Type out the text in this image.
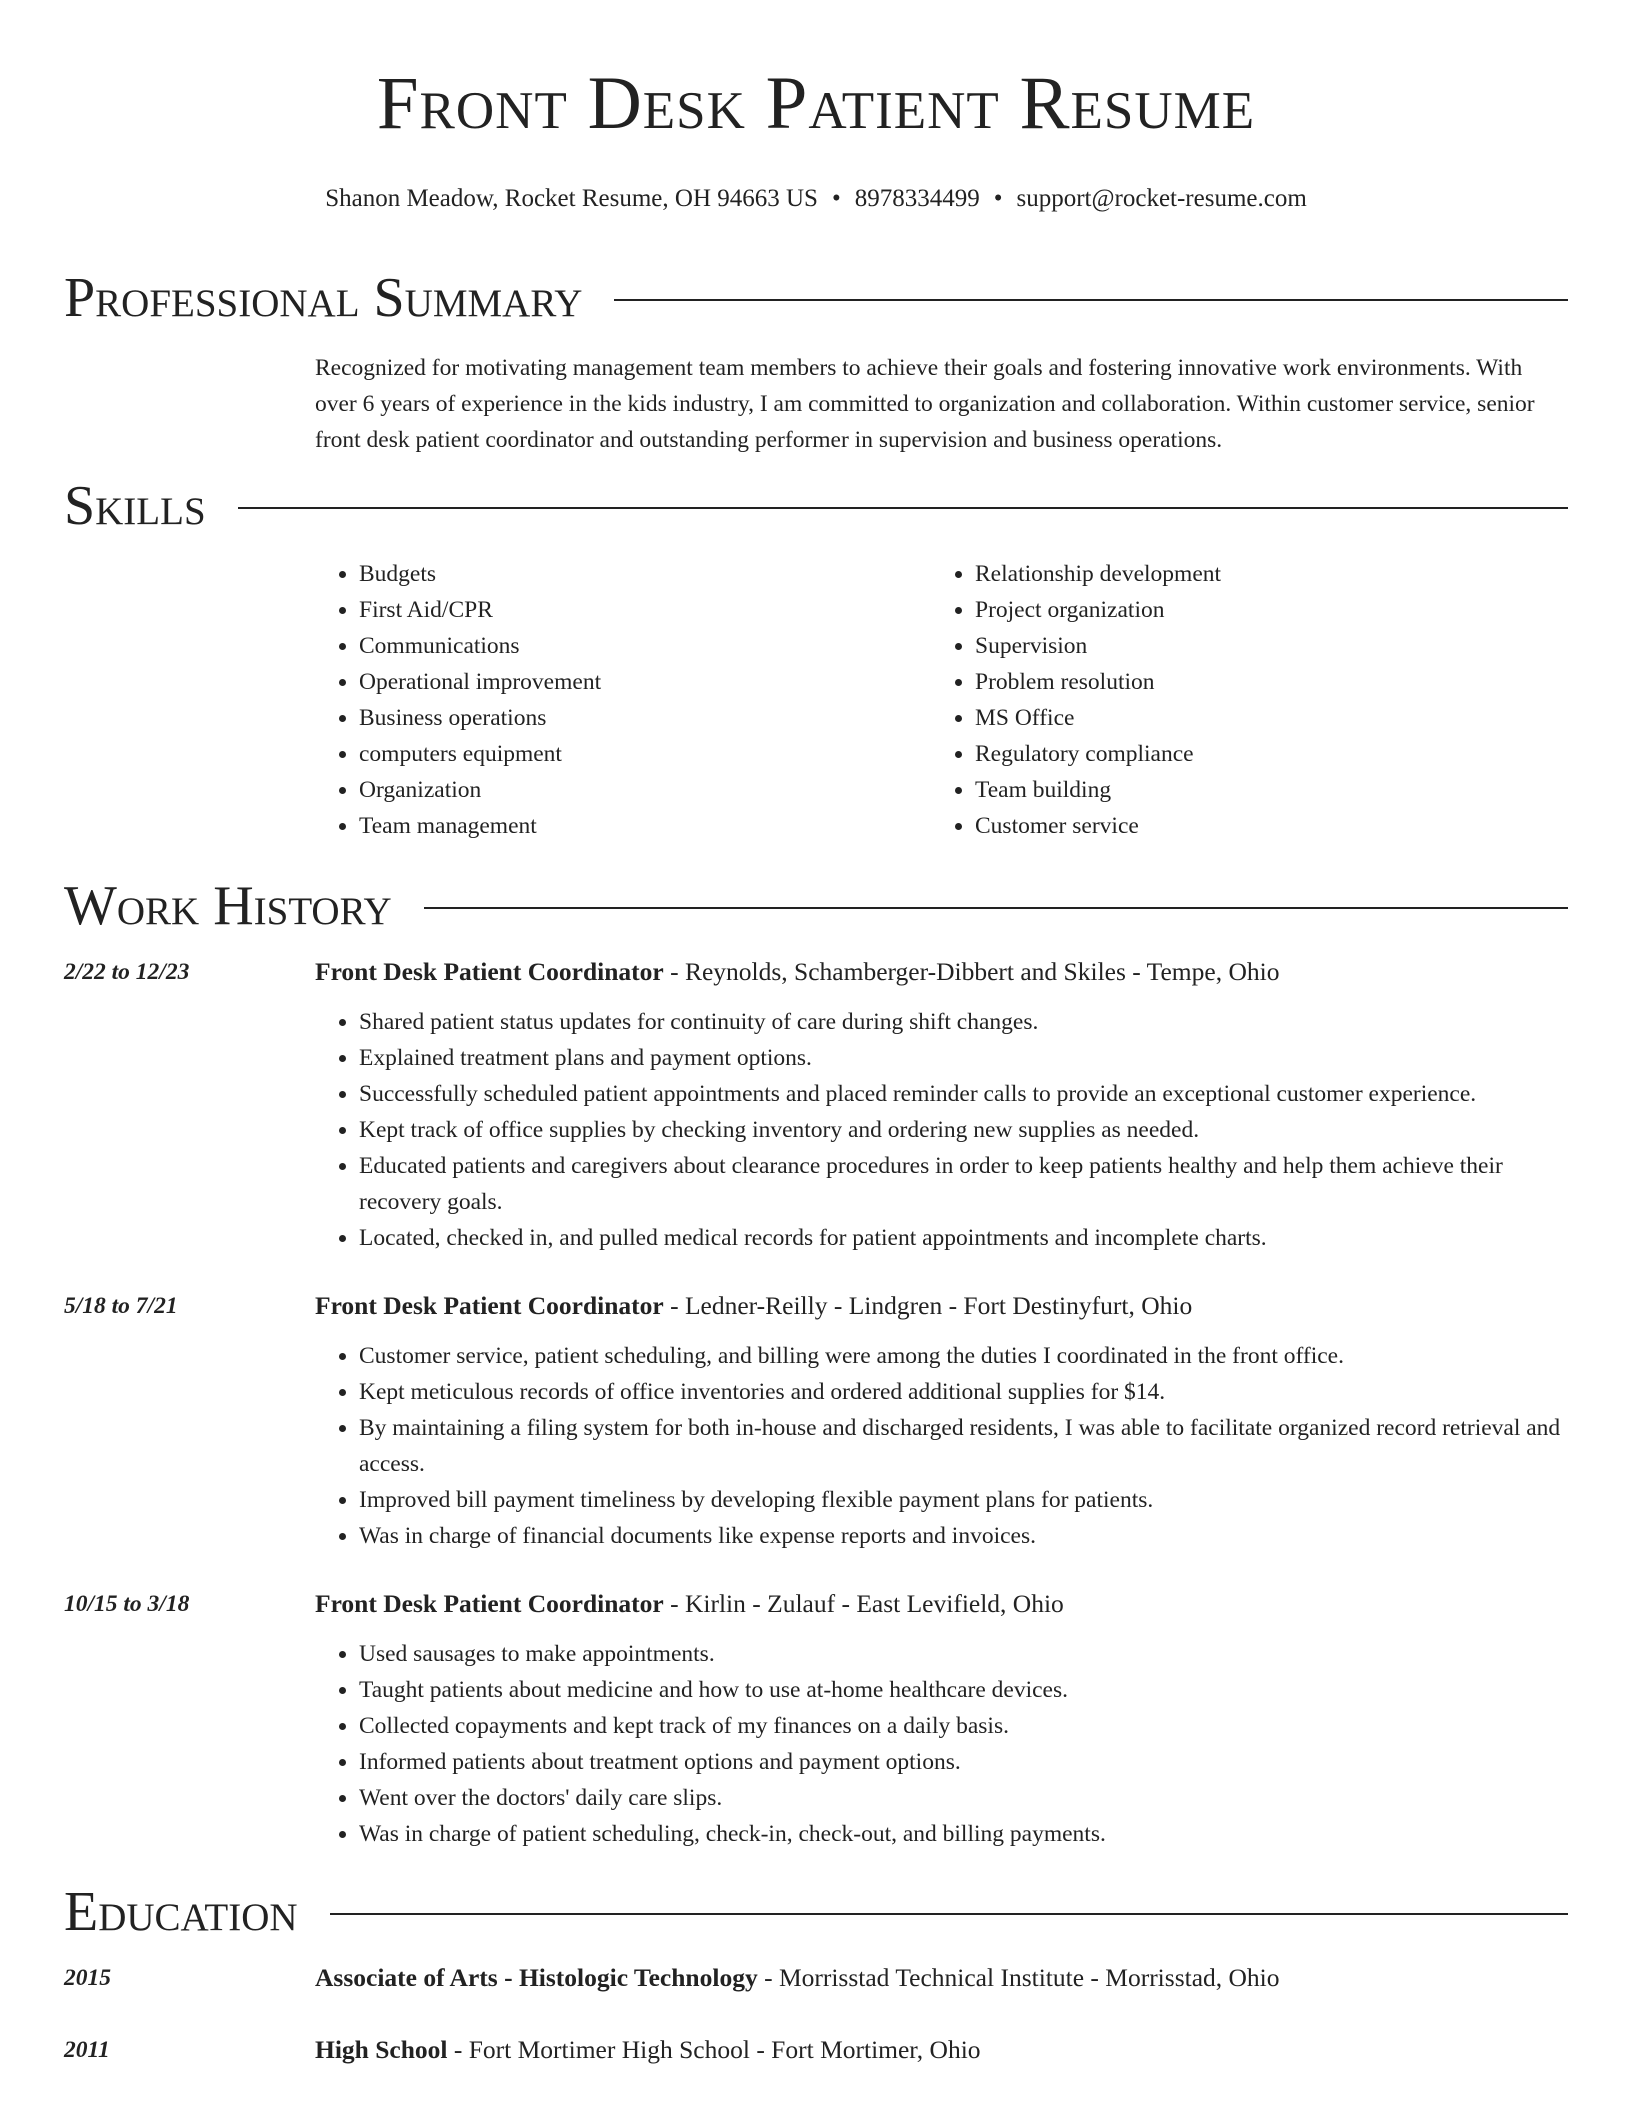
Front Desk Patient Resume
Shanon Meadow, Rocket Resume, OH 94663 US • 8978334499 • support@rocket-resume.com
Professional Summary
Recognized for motivating management team members to achieve their goals and fostering innovative work environments. With over 6 years of experience in the kids industry, I am committed to organization and collaboration. Within customer service, senior front desk patient coordinator and outstanding performer in supervision and business operations.
Skills
• Budgets
• First Aid/CPR
• Communications
• Operational improvement
• Business operations
• computers equipment
• Organization
• Team management
• Relationship development
• Project organization
• Supervision
• Problem resolution
• MS Office
• Regulatory compliance
• Team building
• Customer service
Work History
2/22 to 12/23	Front Desk Patient Coordinator - Reynolds, Schamberger-Dibbert and Skiles - Tempe, Ohio
• Shared patient status updates for continuity of care during shift changes.
• Explained treatment plans and payment options.
• Successfully scheduled patient appointments and placed reminder calls to provide an exceptional customer experience.
• Kept track of office supplies by checking inventory and ordering new supplies as needed.
• Educated patients and caregivers about clearance procedures in order to keep patients healthy and help them achieve their recovery goals.
• Located, checked in, and pulled medical records for patient appointments and incomplete charts.
5/18 to 7/21	Front Desk Patient Coordinator - Ledner-Reilly - Lindgren - Fort Destinyfurt, Ohio
• Customer service, patient scheduling, and billing were among the duties I coordinated in the front office.
• Kept meticulous records of office inventories and ordered additional supplies for $14.
• By maintaining a filing system for both in-house and discharged residents, I was able to facilitate organized record retrieval and access.
• Improved bill payment timeliness by developing flexible payment plans for patients.
• Was in charge of financial documents like expense reports and invoices.
10/15 to 3/18	Front Desk Patient Coordinator - Kirlin - Zulauf - East Levifield, Ohio
• Used sausages to make appointments.
• Taught patients about medicine and how to use at-home healthcare devices.
• Collected copayments and kept track of my finances on a daily basis.
• Informed patients about treatment options and payment options.
• Went over the doctors' daily care slips.
• Was in charge of patient scheduling, check-in, check-out, and billing payments.
Education
2015	Associate of Arts - Histologic Technology - Morrisstad Technical Institute - Morrisstad, Ohio
2011	High School - Fort Mortimer High School - Fort Mortimer, Ohio
